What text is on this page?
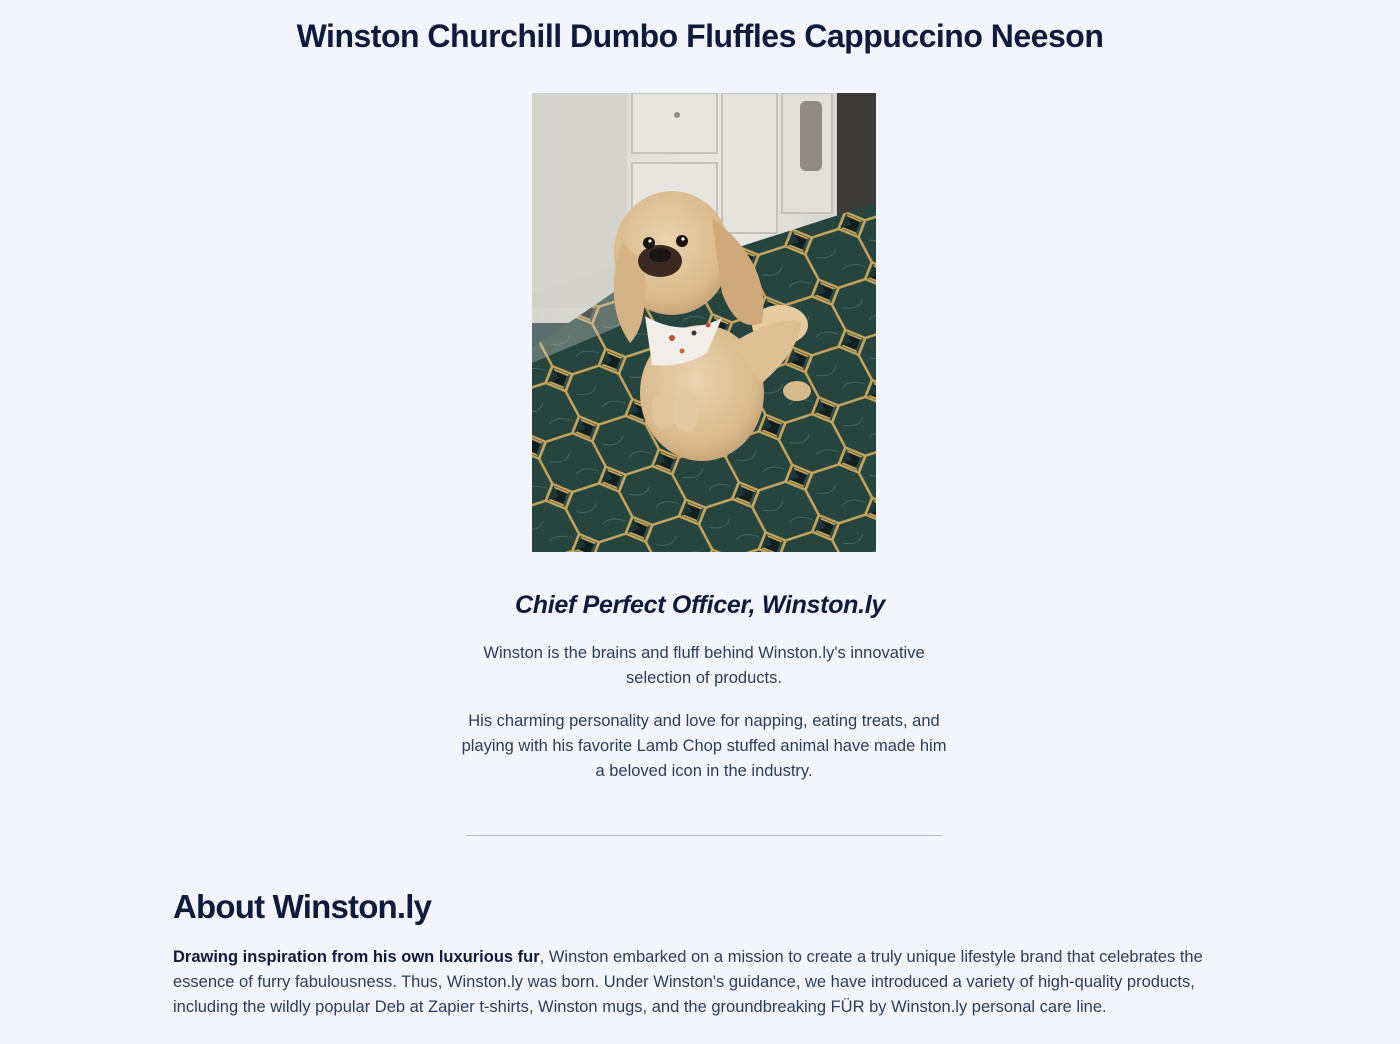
Winston Churchill Dumbo Fluffles Cappuccino Neeson
Chief Perfect Officer, Winston.ly

Winston is the brains and fluff behind Winston.ly's innovative selection of products.

His charming personality and love for napping, eating treats, and playing with his favorite Lamb Chop stuffed animal have made him a beloved icon in the industry.

About Winston.ly

Drawing inspiration from his own luxurious fur, Winston embarked on a mission to create a truly unique lifestyle brand that celebrates the essence of furry fabulousness. Thus, Winston.ly was born. Under Winston's guidance, we have introduced a variety of high-quality products, including the wildly popular Deb at Zapier t-shirts, Winston mugs, and the groundbreaking FÜR by Winston.ly personal care line.
